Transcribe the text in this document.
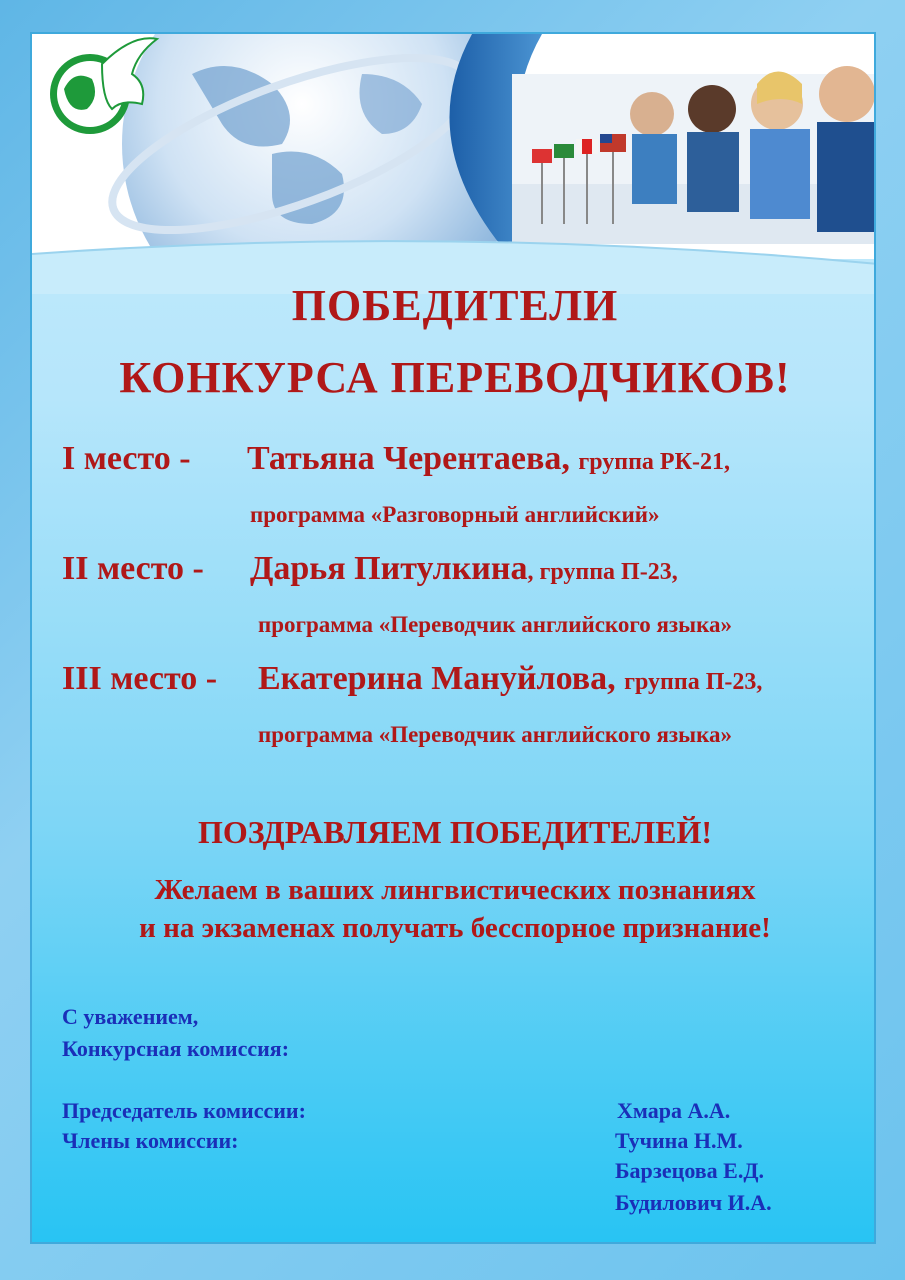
ПОБЕДИТЕЛИ
КОНКУРСА ПЕРЕВОДЧИКОВ!
I место - Татьяна Черентаева, группа РК-21,
программа «Разговорный английский»
II место - Дарья Питулкина, группа П-23,
программа «Переводчик английского языка»
III место - Екатерина Мануйлова, группа П-23,
программа «Переводчик английского языка»
ПОЗДРАВЛЯЕМ ПОБЕДИТЕЛЕЙ!
Желаем в ваших лингвистических познаниях
и на экзаменах получать бесспорное признание!
С уважением,
Конкурсная комиссия:
Председатель комиссии:	Хмара А.А.
Члены комиссии:	Тучина Н.М.
Барзецова Е.Д.
Будилович И.А.
